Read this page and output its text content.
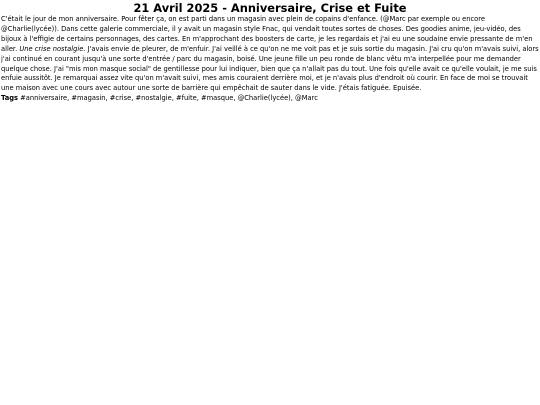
21 Avril 2025 - Anniversaire, Crise et Fuite

C'était le jour de mon anniversaire. Pour fêter ça, on est parti dans un magasin avec plein de copains d'enfance. (@Marc par exemple ou encore @Charlie(lycée)). Dans cette galerie commerciale, il y avait un magasin style Fnac, qui vendait toutes sortes de choses. Des goodies anime, jeu-vidéo, des bijoux à l'effigie de certains personnages, des cartes. En m'approchant des boosters de carte, je les regardais et j'ai eu une soudaine envie pressante de m'en aller. Une crise nostalgie. J'avais envie de pleurer, de m'enfuir. J'ai veillé à ce qu'on ne me voit pas et je suis sortie du magasin. J'ai cru qu'on m'avais suivi, alors j'ai continué en courant jusqu'à une sorte d'entrée / parc du magasin, boisé. Une jeune fille un peu ronde de blanc vêtu m'a interpellée pour me demander quelque chose. J'ai "mis mon masque social" de gentillesse pour lui indiquer, bien que ça n'allait pas du tout. Une fois qu'elle avait ce qu'elle voulait, je me suis enfuie aussitôt. Je remarquai assez vite qu'on m'avait suivi, mes amis couraient derrière moi, et je n'avais plus d'endroit où courir. En face de moi se trouvait une maison avec une cours avec autour une sorte de barrière qui empêchait de sauter dans le vide. J'étais fatiguée. Epuisée.

Tags #anniversaire, #magasin, #crise, #nostalgie, #fuite, #masque, @Charlie(lycée), @Marc
